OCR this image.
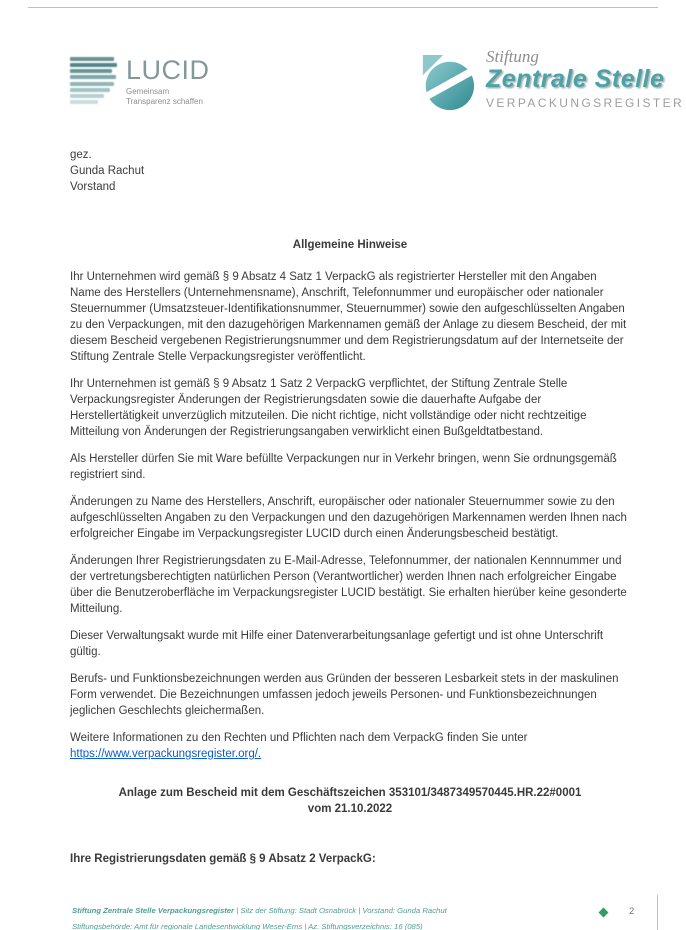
LUCID
Gemeinsam
Transparenz schaffen
Stiftung
Zentrale Stelle
VERPACKUNGSREGISTER
gez.
Gunda Rachut
Vorstand
Allgemeine Hinweise

Ihr Unternehmen wird gemäß § 9 Absatz 4 Satz 1 VerpackG als registrierter Hersteller mit den Angaben Name des Herstellers (Unternehmensname), Anschrift, Telefonnummer und europäischer oder nationaler Steuernummer (Umsatzsteuer-Identifikationsnummer, Steuernummer) sowie den aufgeschlüsselten Angaben zu den Verpackungen, mit den dazugehörigen Markennamen gemäß der Anlage zu diesem Bescheid, der mit diesem Bescheid vergebenen Registrierungsnummer und dem Registrierungsdatum auf der Internetseite der Stiftung Zentrale Stelle Verpackungsregister veröffentlicht.

Ihr Unternehmen ist gemäß § 9 Absatz 1 Satz 2 VerpackG verpflichtet, der Stiftung Zentrale Stelle Verpackungsregister Änderungen der Registrierungsdaten sowie die dauerhafte Aufgabe der Herstellertätigkeit unverzüglich mitzuteilen. Die nicht richtige, nicht vollständige oder nicht rechtzeitige Mitteilung von Änderungen der Registrierungsangaben verwirklicht einen Bußgeldtatbestand.

Als Hersteller dürfen Sie mit Ware befüllte Verpackungen nur in Verkehr bringen, wenn Sie ordnungsgemäß registriert sind.

Änderungen zu Name des Herstellers, Anschrift, europäischer oder nationaler Steuernummer sowie zu den aufgeschlüsselten Angaben zu den Verpackungen und den dazugehörigen Markennamen werden Ihnen nach erfolgreicher Eingabe im Verpackungsregister LUCID durch einen Änderungsbescheid bestätigt.

Änderungen Ihrer Registrierungsdaten zu E-Mail-Adresse, Telefonnummer, der nationalen Kennnummer und der vertretungsberechtigten natürlichen Person (Verantwortlicher) werden Ihnen nach erfolgreicher Eingabe über die Benutzeroberfläche im Verpackungsregister LUCID bestätigt. Sie erhalten hierüber keine gesonderte Mitteilung.

Dieser Verwaltungsakt wurde mit Hilfe einer Datenverarbeitungsanlage gefertigt und ist ohne Unterschrift gültig.

Berufs- und Funktionsbezeichnungen werden aus Gründen der besseren Lesbarkeit stets in der maskulinen Form verwendet. Die Bezeichnungen umfassen jedoch jeweils Personen- und Funktionsbezeichnungen jeglichen Geschlechts gleichermaßen.

Weitere Informationen zu den Rechten und Pflichten nach dem VerpackG finden Sie unter
https://www.verpackungsregister.org/.

Anlage zum Bescheid mit dem Geschäftszeichen 353101/3487349570445.HR.22#0001
vom 21.10.2022
Ihre Registrierungsdaten gemäß § 9 Absatz 2 VerpackG:
Stiftung Zentrale Stelle Verpackungsregister | Sitz der Stiftung: Stadt Osnabrück | Vorstand: Gunda Rachut
Stiftungsbehörde: Amt für regionale Landesentwicklung Weser-Ems | Az. Stiftungsverzeichnis: 16 (085)
2
